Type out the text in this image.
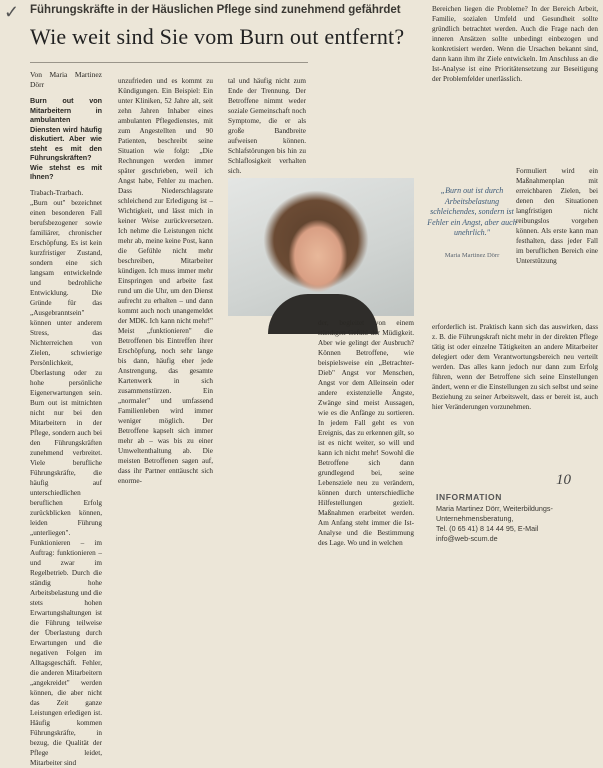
✓ Führungskräfte in der Häuslichen Pflege sind zunehmend gefährdet
Wie weit sind Sie vom Burn out entfernt?
Von Maria Martinez Dörr
Burn out von Mitarbeitern in ambulanten Diensten wird häufig diskutiert. Aber wie steht es mit den Führungskräften? Wie stehst es mit Ihnen?

Trabach-Trarbach. „Burn out" bezeichnet einen besonderen Fall berufsbezogener sowie familiärer, chronischer Erschöpfung. Es ist kein kurzfristiger Zustand, sondern eine sich langsam entwickelnde und bedrohliche Entwicklung. Die Gründe für das „Ausgebranntsein" können unter anderem Stress, das Nichterreichen von Zielen, schwierige Persönlichkeit, Überlastung oder zu hohe persönliche Eigenerwartungen sein. Burn out ist mitnichten nicht nur bei den Mitarbeitern in der Pflege, sondern auch bei den Führungskräften zunehmend verbreitet. Viele berufliche Führungskräfte, die häufig auf unterschiedlichen beruflichen Erfolg zurückblicken können, leiden Führung „unterliegen". Funktionieren – im Auftrag: funktionieren – und zwar im Regelbetrieb. Durch die ständig hohe Arbeitsbelastung und die stets hohen Erwartungshaltungen ist die Führung teilweise der Überlastung durch Erwartungen und die negativen Folgen im Alltagsgeschäft. Fehler, die anderen Mitarbeitern „angekreidet" werden können, die aber nicht das Zeit ganze Leistungen erledigen ist. Häufig kommen Führungskräfte, in bezug, die Qualität der Pflege leidet, Mitarbeiter sind

unzufrieden und es kommt zu Kündigungen. Ein Beispiel: Ein unter Kliniken, 52 Jahre alt, seit zehn Jahren Inhaber eines ambulanten Pflegedienstes, mit zum Angestellten und 90 Patienten, beschreibt seine Situation wie folgt: „Die Rechnungen werden immer später geschrieben, weil ich Angst habe, Fehler zu machen. Dass Niederschlagsrate schleichend zur Erledigung ist – Wichtigkeit, und lässt mich in keiner Weise zurückversetzen. Ich nehme die Leistungen nicht mehr ab, meine keine Post, kann die Gefühle nicht mehr beschreiben, Mitarbeiter kündigen. Ich muss immer mehr Einspringen und arbeite fast rund um die Uhr, um den Dienst aufrecht zu erhalten – und dann kommt auch noch unangemeldet der MDK. Ich kann nicht mehr!" Meist „funktionieren" die Betroffenen bis Eintreffen ihrer Erschöpfung, noch sehr lange bis dann, häufig eher jede Anstrengung, das gesamte Kartenwerk in sich zusammenstürzen. Ein „normaler" und umfassend Familienleben wird immer weniger möglich. Der Betroffene kapselt sich immer mehr ab – was bis zu einer Umweltenthaltung ab. Die meisten Betroffenen sagen auf, dass ihr Partner enttäuscht sich enorme-

tal und häufig nicht zum Ende der Trennung. Der Betroffene nimmt weder soziale Gemeinschaft noch Symptome, die er als große Bandbreite aufweisen können. Schlafstörungen bis hin zu Schlaflosigkeit verhalten sich.

„Burn out ist durch Arbeitsbelastung schleichendes, sondern ist Fehler ein Angst, aber auch unehrlich."
Maria Martinez Dörr

der, begleitet von einem ständigen Gefühl der Müdigkeit. Aber wie gelingt der Ausbruch? Können Betroffene, wie beispielsweise ein „Betrachter-Dieb" Angst vor Menschen, Angst vor dem Alleinsein oder andere existenzielle Ängste, Zwänge sind meist Aussagen, wie es die Anfänge zu sortieren. In jedem Fall geht es von Ereignis, das zu erkennen gilt, so ist es nicht weiter, so will und kann ich nicht mehr! Sowohl die Betroffene sich dann grundlegend bei, seine Lebensziele neu zu verändern, können durch unterschiedliche Hilfestellungen gezielt. Maßnahmen erarbeitet werden. Am Anfang steht immer die Ist-Analyse und die Bestimmung des Lage. Wo und in welchen

Bereichen liegen die Probleme? In der Bereich Arbeit, Familie, sozialen Umfeld und Gesundheit sollte gründlich betrachtet werden. Auch die Frage nach den inneren Ansätzen sollte unbedingt einbezogen und konkretisiert werden. Wenn die Ursachen bekannt sind, dann kann ihm ihr Ziele entwickeln. Im Anschluss an die Ist-Analyse ist eine Prioritätensetzung zur Beseitigung der Problemfelder unerlässlich.

Formuliert wird ein Maßnahmenplan mit erreichbaren Zielen, bei denen den Situationen langfristigen nicht reibungslos vorgehen können. Als erste kann man festhalten, dass jeder Fall im beruflichen Bereich eine Unterstützung

erforderlich ist. Praktisch kann sich das auswirken, dass z. B. die Führungskraft nicht mehr in der direkten Pflege tätig ist oder einzelne Tätigkeiten an andere Mitarbeiter delegiert oder dem Verantwortungsbereich neu verteilt werden. Das alles kann jedoch nur dann zum Erfolg führen, wenn der Betroffene sich seine Einstellungen ändert, wenn er die Einstellungen zu sich selbst und seine Beziehung zu seiner Arbeitswelt, dass er bereit ist, auch hier Veränderungen vorzunehmen.

10
INFORMATION
Maria Martinez Dörr, Weiterbildungs-
Unternehmensberatung,
Tel. (0 65 41) 8 14 44 95, E-Mail
info@web-scum.de
